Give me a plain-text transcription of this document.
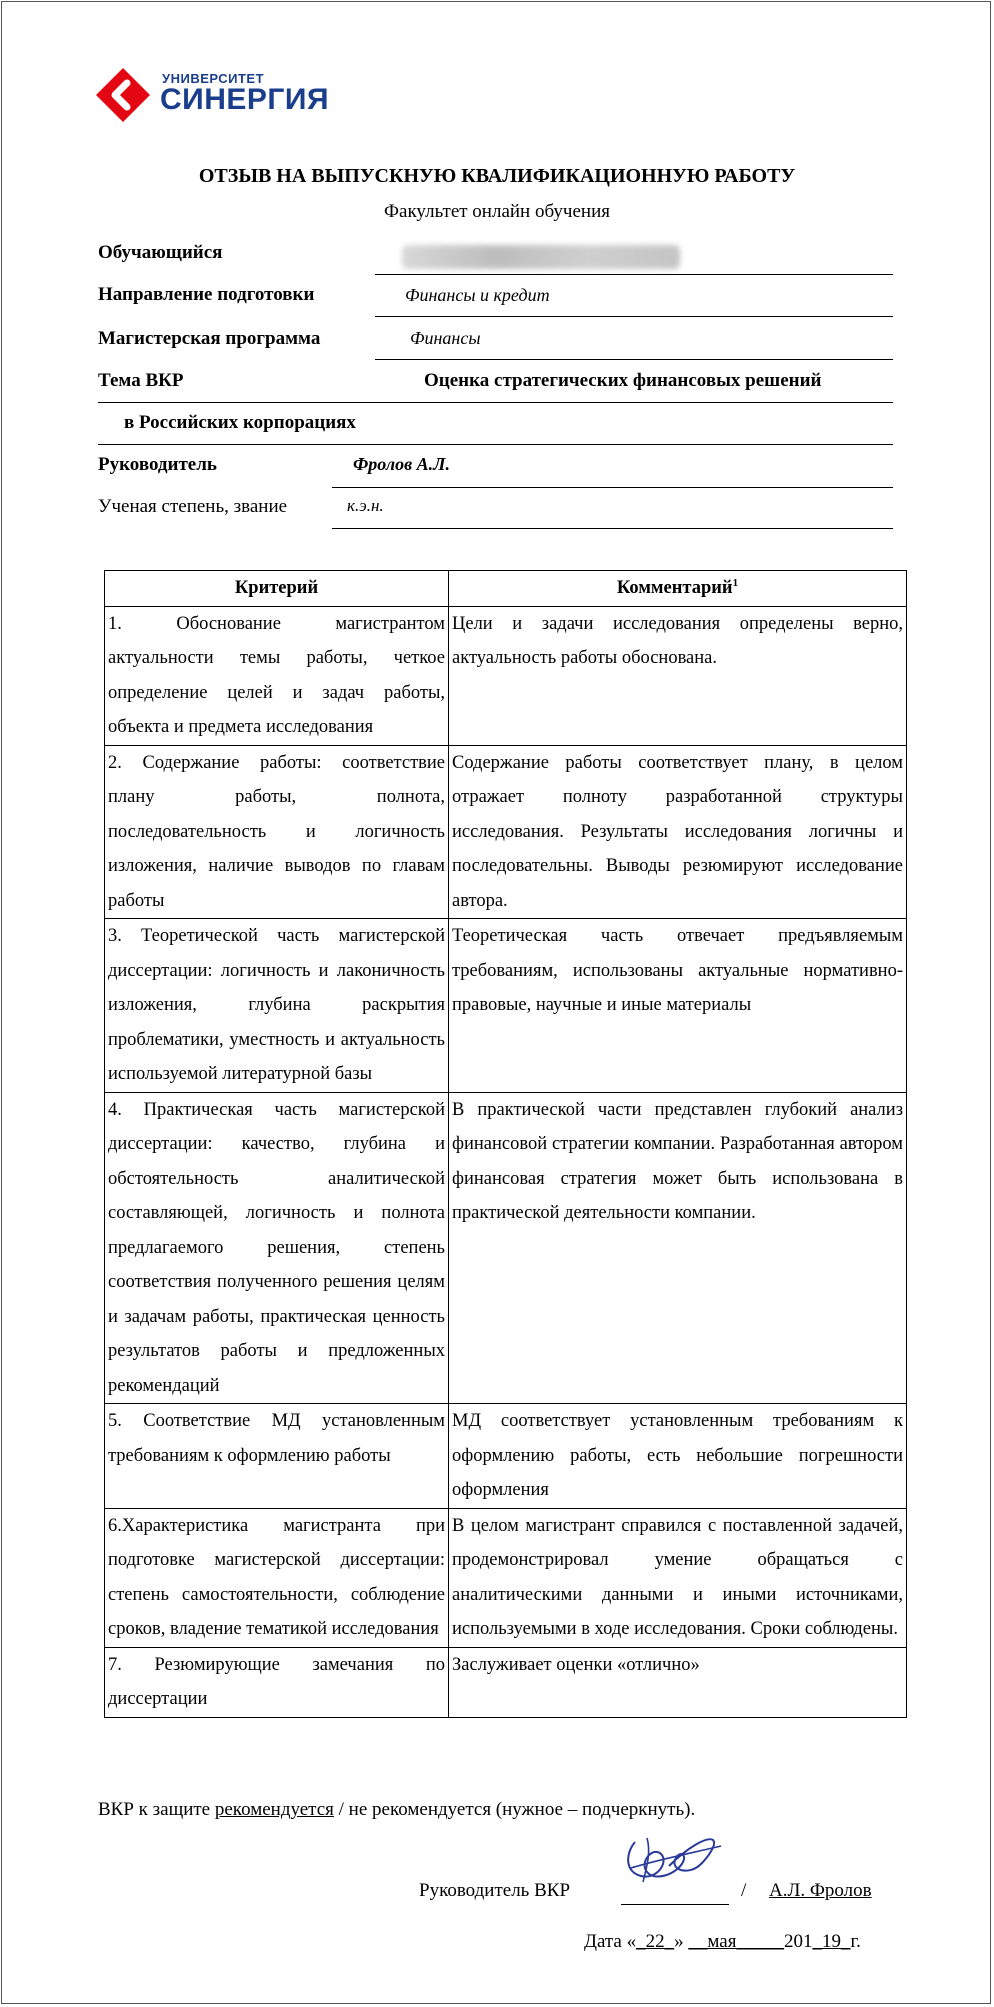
УНИВЕРСИТЕТ
СИНЕРГИЯ
ОТЗЫВ НА ВЫПУСКНУЮ КВАЛИФИКАЦИОННУЮ РАБОТУ
Факультет онлайн обучения
Обучающийся
Направление подготовки	Финансы и кредит
Магистерская программа	Финансы
Тема ВКР	Оценка стратегических финансовых решений
в Российских корпорациях
Руководитель	Фролов А.Л.
Ученая степень, звание	к.э.н.
Критерий	Комментарий$^1$
1. Обоснование магистрантом актуальности темы работы, четкое определение целей и задач работы, объекта и предмета исследования	Цели и задачи исследования определены верно, актуальность работы обоснована.
2. Содержание работы: соответствие плану работы, полнота, последовательность и логичность изложения, наличие выводов по главам работы	Содержание работы соответствует плану, в целом отражает полноту разработанной структуры исследования. Результаты исследования логичны и последовательны. Выводы резюмируют исследование автора.
3. Теоретической часть магистерской диссертации: логичность и лаконичность изложения, глубина раскрытия проблематики, уместность и актуальность используемой литературной базы	Теоретическая часть отвечает предъявляемым требованиям, использованы актуальные нормативно-правовые, научные и иные материалы
4. Практическая часть магистерской диссертации: качество, глубина и обстоятельность аналитической составляющей, логичность и полнота предлагаемого решения, степень соответствия полученного решения целям и задачам работы, практическая ценность результатов работы и предложенных рекомендаций	В практической части представлен глубокий анализ финансовой стратегии компании. Разработанная автором финансовая стратегия может быть использована в практической деятельности компании.
5. Соответствие МД установленным требованиям к оформлению работы	МД соответствует установленным требованиям к оформлению работы, есть небольшие погрешности оформления
6.Характеристика магистранта при подготовке магистерской диссертации: степень самостоятельности, соблюдение сроков, владение тематикой исследования	В целом магистрант справился с поставленной задачей, продемонстрировал умение обращаться с аналитическими данными и иными источниками, используемыми в ходе исследования. Сроки соблюдены.
7. Резюмирующие замечания по диссертации	Заслуживает оценки «отлично»
ВКР к защите рекомендуется / не рекомендуется (нужное – подчеркнуть).
Руководитель ВКР	/ А.Л. Фролов
Дата «_22_» __мая_____201_19_г.
